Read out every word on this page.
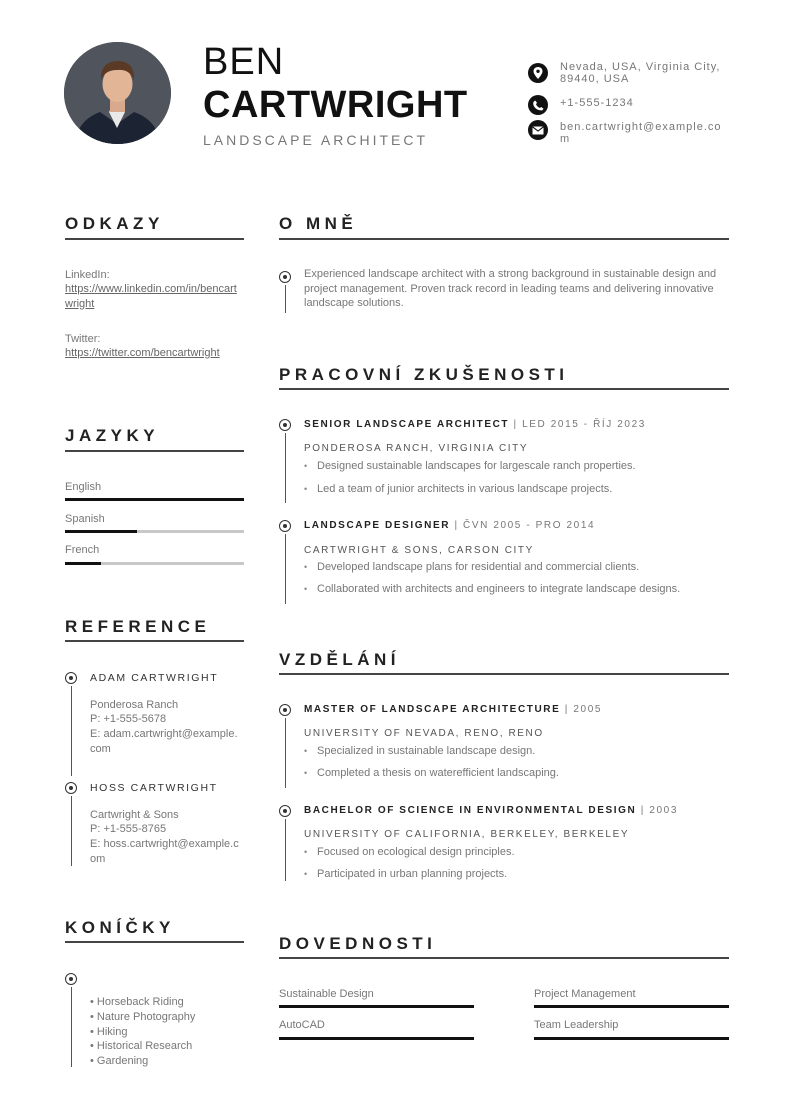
BEN
CARTWRIGHT
LANDSCAPE ARCHITECT
Nevada, USA, Virginia City, 89440, USA
+1-555-1234
ben.cartwright@example.com
ODKAZY
LinkedIn:
https://www.linkedin.com/in/bencartwright
Twitter:
https://twitter.com/bencartwright
JAZYKY
English
Spanish
French
REFERENCE
ADAM CARTWRIGHT
Ponderosa Ranch
P: +1-555-5678
E: adam.cartwright@example.com
HOSS CARTWRIGHT
Cartwright & Sons
P: +1-555-8765
E: hoss.cartwright@example.com
KONÍČKY
• Horseback Riding
• Nature Photography
• Hiking
• Historical Research
• Gardening
O MNĚ
Experienced landscape architect with a strong background in sustainable design and project management. Proven track record in leading teams and delivering innovative landscape solutions.
PRACOVNÍ ZKUŠENOSTI
SENIOR LANDSCAPE ARCHITECT | LED 2015 - ŘÍJ 2023
PONDEROSA RANCH, VIRGINIA CITY
• Designed sustainable landscapes for largescale ranch properties.
• Led a team of junior architects in various landscape projects.
LANDSCAPE DESIGNER | ČVN 2005 - PRO 2014
CARTWRIGHT & SONS, CARSON CITY
• Developed landscape plans for residential and commercial clients.
• Collaborated with architects and engineers to integrate landscape designs.
VZDĚLÁNÍ
MASTER OF LANDSCAPE ARCHITECTURE | 2005
UNIVERSITY OF NEVADA, RENO, RENO
• Specialized in sustainable landscape design.
• Completed a thesis on waterefficient landscaping.
BACHELOR OF SCIENCE IN ENVIRONMENTAL DESIGN | 2003
UNIVERSITY OF CALIFORNIA, BERKELEY, BERKELEY
• Focused on ecological design principles.
• Participated in urban planning projects.
DOVEDNOSTI
Sustainable Design	Project Management
AutoCAD	Team Leadership
